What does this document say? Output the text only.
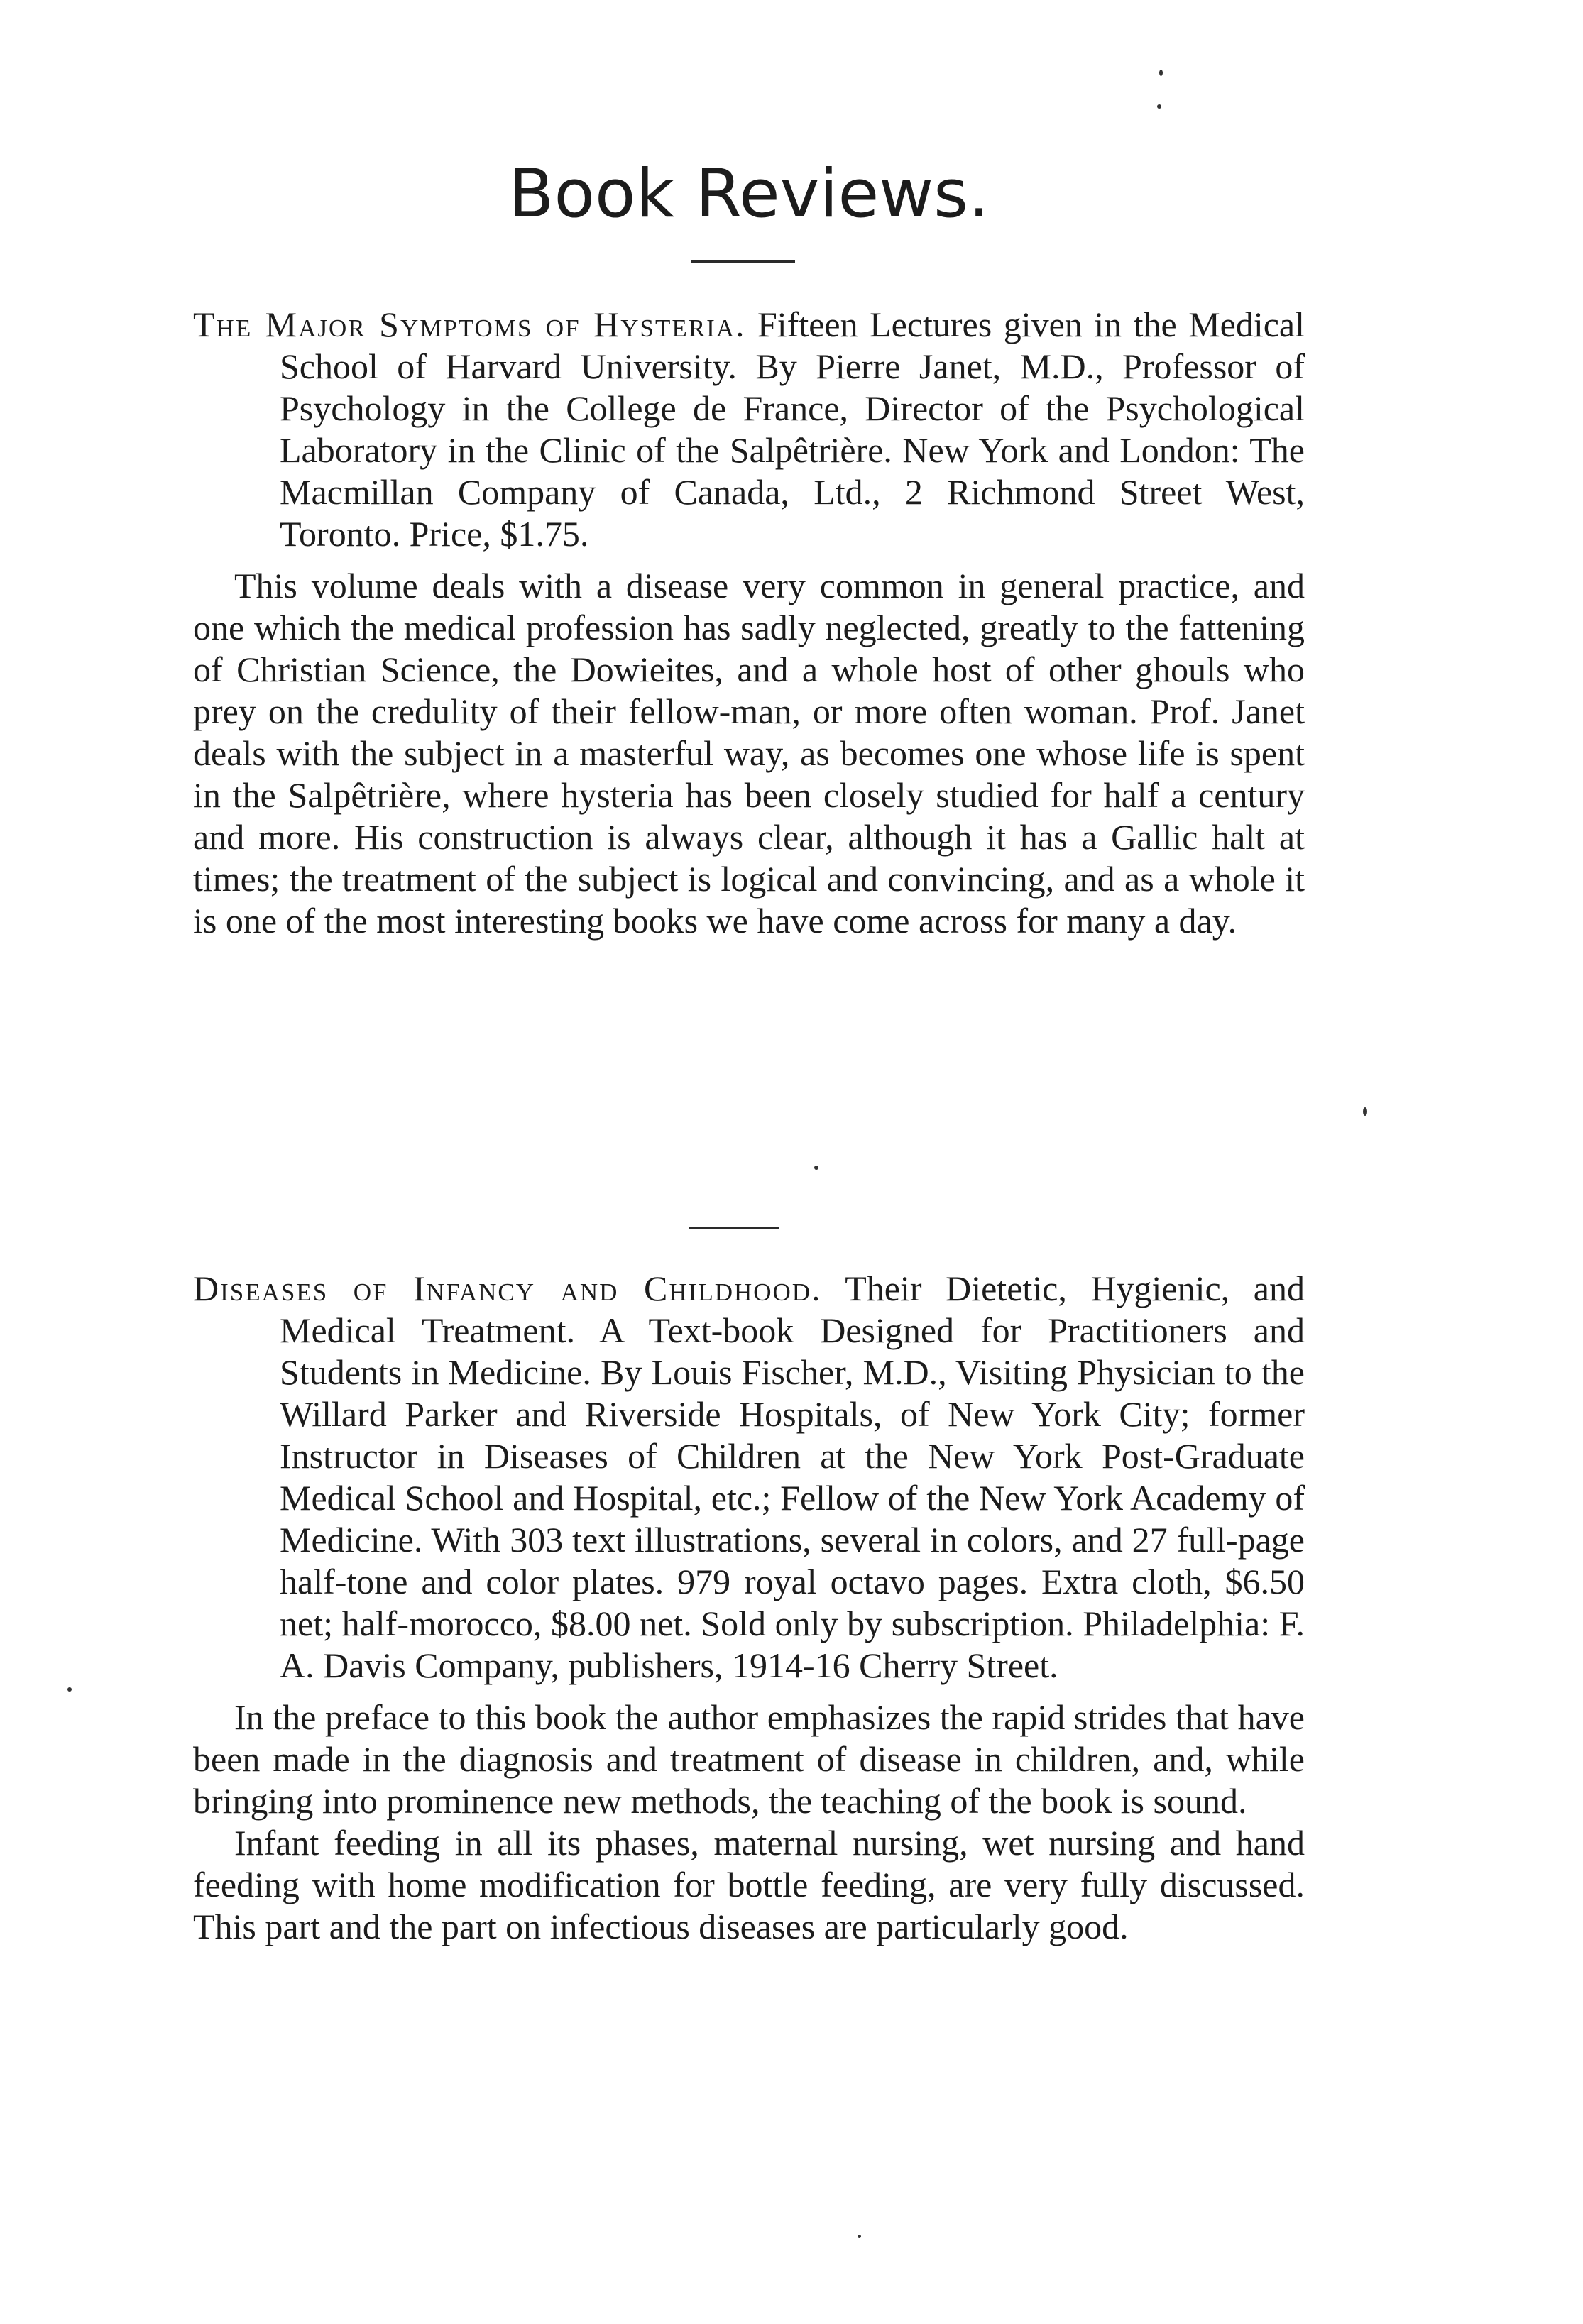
Book Reviews.

The Major Symptoms of Hysteria. Fifteen Lectures given in the Medical School of Harvard University. By Pierre Janet, M.D., Professor of Psychology in the College de France, Director of the Psychological Laboratory in the Clinic of the Salpêtrière. New York and London: The Macmillan Company of Canada, Ltd., 2 Richmond Street West, Toronto. Price, $1.75.

This volume deals with a disease very common in general practice, and one which the medical profession has sadly neglected, greatly to the fattening of Christian Science, the Dowieites, and a whole host of other ghouls who prey on the credulity of their fellow-man, or more often woman. Prof. Janet deals with the subject in a masterful way, as becomes one whose life is spent in the Salpêtrière, where hysteria has been closely studied for half a century and more. His construction is always clear, although it has a Gallic halt at times; the treatment of the subject is logical and convincing, and as a whole it is one of the most interesting books we have come across for many a day.

Diseases of Infancy and Childhood. Their Dietetic, Hygienic, and Medical Treatment. A Text-book Designed for Practitioners and Students in Medicine. By Louis Fischer, M.D., Visiting Physician to the Willard Parker and Riverside Hospitals, of New York City; former Instructor in Diseases of Children at the New York Post-Graduate Medical School and Hospital, etc.; Fellow of the New York Academy of Medicine. With 303 text illustrations, several in colors, and 27 full-page half-tone and color plates. 979 royal octavo pages. Extra cloth, $6.50 net; half-morocco, $8.00 net. Sold only by subscription. Philadelphia: F. A. Davis Company, publishers, 1914-16 Cherry Street.

In the preface to this book the author emphasizes the rapid strides that have been made in the diagnosis and treatment of disease in children, and, while bringing into prominence new methods, the teaching of the book is sound.

Infant feeding in all its phases, maternal nursing, wet nursing and hand feeding with home modification for bottle feeding, are very fully discussed. This part and the part on infectious diseases are particularly good.
